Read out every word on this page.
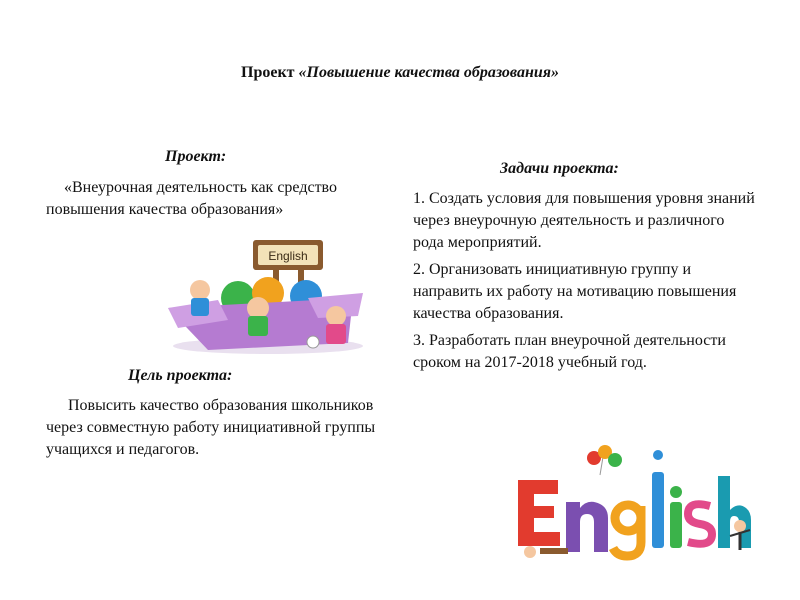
Проект «Повышение качества образования»
Проект:
«Внеурочная деятельность как средство повышения качества образования»
English
Цель проекта:
Повысить качество образования школьников через совместную работу инициативной группы учащихся и педагогов.
Задачи проекта:

1. Создать условия для повышения уровня знаний через внеурочную деятельность и различного рода мероприятий.

2. Организовать инициативную группу и направить их работу на мотивацию повышения качества образования.

3. Разработать план внеурочной деятельности сроком на 2017-2018 учебный год.
